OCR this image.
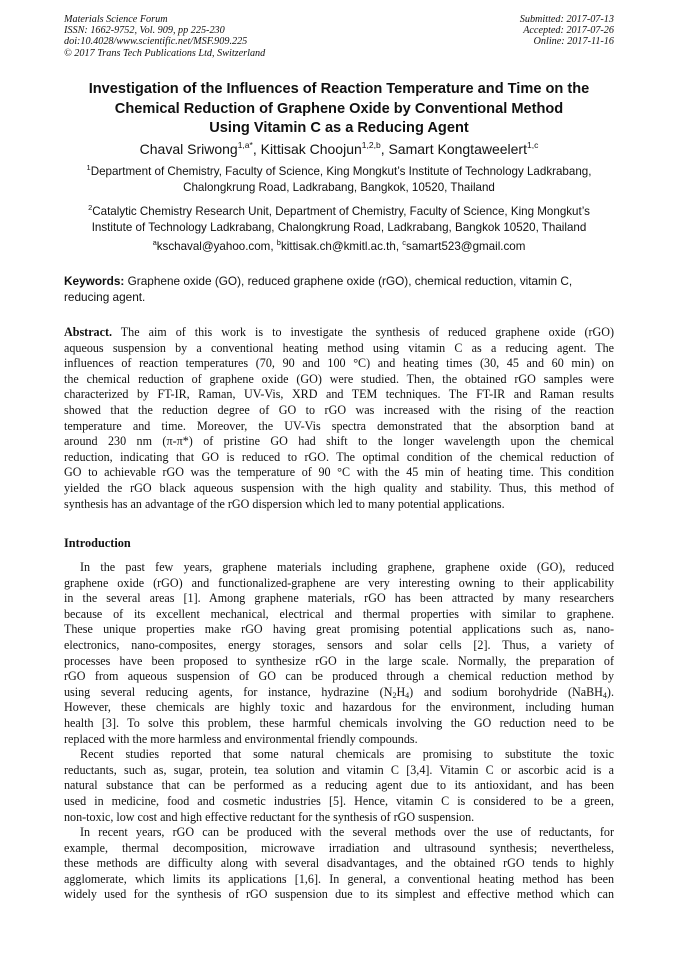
Materials Science Forum
ISSN: 1662-9752, Vol. 909, pp 225-230
doi:10.4028/www.scientific.net/MSF.909.225
© 2017 Trans Tech Publications Ltd, Switzerland
Submitted: 2017-07-13
Accepted: 2017-07-26
Online: 2017-11-16
Investigation of the Influences of Reaction Temperature and Time on the
Chemical Reduction of Graphene Oxide by Conventional Method
Using Vitamin C as a Reducing Agent
Chaval Sriwong$^{1,a*}$, Kittisak Choojun$^{1,2,b}$, Samart Kongtaweelert$^{1,c}$
$^1$Department of Chemistry, Faculty of Science, King Mongkut’s Institute of Technology Ladkrabang,
Chalongkrung Road, Ladkrabang, Bangkok, 10520, Thailand
$^2$Catalytic Chemistry Research Unit, Department of Chemistry, Faculty of Science, King Mongkut’s
Institute of Technology Ladkrabang, Chalongkrung Road, Ladkrabang, Bangkok 10520, Thailand
$^a$kschaval@yahoo.com, $^b$kittisak.ch@kmitl.ac.th, $^c$samart523@gmail.com
Keywords: Graphene oxide (GO), reduced graphene oxide (rGO), chemical reduction, vitamin C,
reducing agent.
Abstract. The aim of this work is to investigate the synthesis of reduced graphene oxide (rGO)
aqueous suspension by a conventional heating method using vitamin C as a reducing agent. The
influences of reaction temperatures (70, 90 and 100 °C) and heating times (30, 45 and 60 min) on
the chemical reduction of graphene oxide (GO) were studied. Then, the obtained rGO samples were
characterized by FT-IR, Raman, UV-Vis, XRD and TEM techniques. The FT-IR and Raman results
showed that the reduction degree of GO to rGO was increased with the rising of the reaction
temperature and time. Moreover, the UV-Vis spectra demonstrated that the absorption band at
around 230 nm (π-π*) of pristine GO had shift to the longer wavelength upon the chemical
reduction, indicating that GO is reduced to rGO. The optimal condition of the chemical reduction of
GO to achievable rGO was the temperature of 90 °C with the 45 min of heating time. This condition
yielded the rGO black aqueous suspension with the high quality and stability. Thus, this method of
synthesis has an advantage of the rGO dispersion which led to many potential applications.
Introduction
In the past few years, graphene materials including graphene, graphene oxide (GO), reduced
graphene oxide (rGO) and functionalized-graphene are very interesting owning to their applicability
in the several areas [1]. Among graphene materials, rGO has been attracted by many researchers
because of its excellent mechanical, electrical and thermal properties with similar to graphene.
These unique properties make rGO having great promising potential applications such as, nano-
electronics, nano-composites, energy storages, sensors and solar cells [2]. Thus, a variety of
processes have been proposed to synthesize rGO in the large scale. Normally, the preparation of
rGO from aqueous suspension of GO can be produced through a chemical reduction method by
using several reducing agents, for instance, hydrazine $(N_2H_4)$ and sodium borohydride (NaBH$_4$).
However, these chemicals are highly toxic and hazardous for the environment, including human
health [3]. To solve this problem, these harmful chemicals involving the GO reduction need to be
replaced with the more harmless and environmental friendly compounds.
Recent studies reported that some natural chemicals are promising to substitute the toxic
reductants, such as, sugar, protein, tea solution and vitamin C [3,4]. Vitamin C or ascorbic acid is a
natural substance that can be performed as a reducing agent due to its antioxidant, and has been
used in medicine, food and cosmetic industries [5]. Hence, vitamin C is considered to be a green,
non-toxic, low cost and high effective reductant for the synthesis of rGO suspension.
In recent years, rGO can be produced with the several methods over the use of reductants, for
example, thermal decomposition, microwave irradiation and ultrasound synthesis; nevertheless,
these methods are difficulty along with several disadvantages, and the obtained rGO tends to highly
agglomerate, which limits its applications [1,6]. In general, a conventional heating method has been
widely used for the synthesis of rGO suspension due to its simplest and effective method which can
